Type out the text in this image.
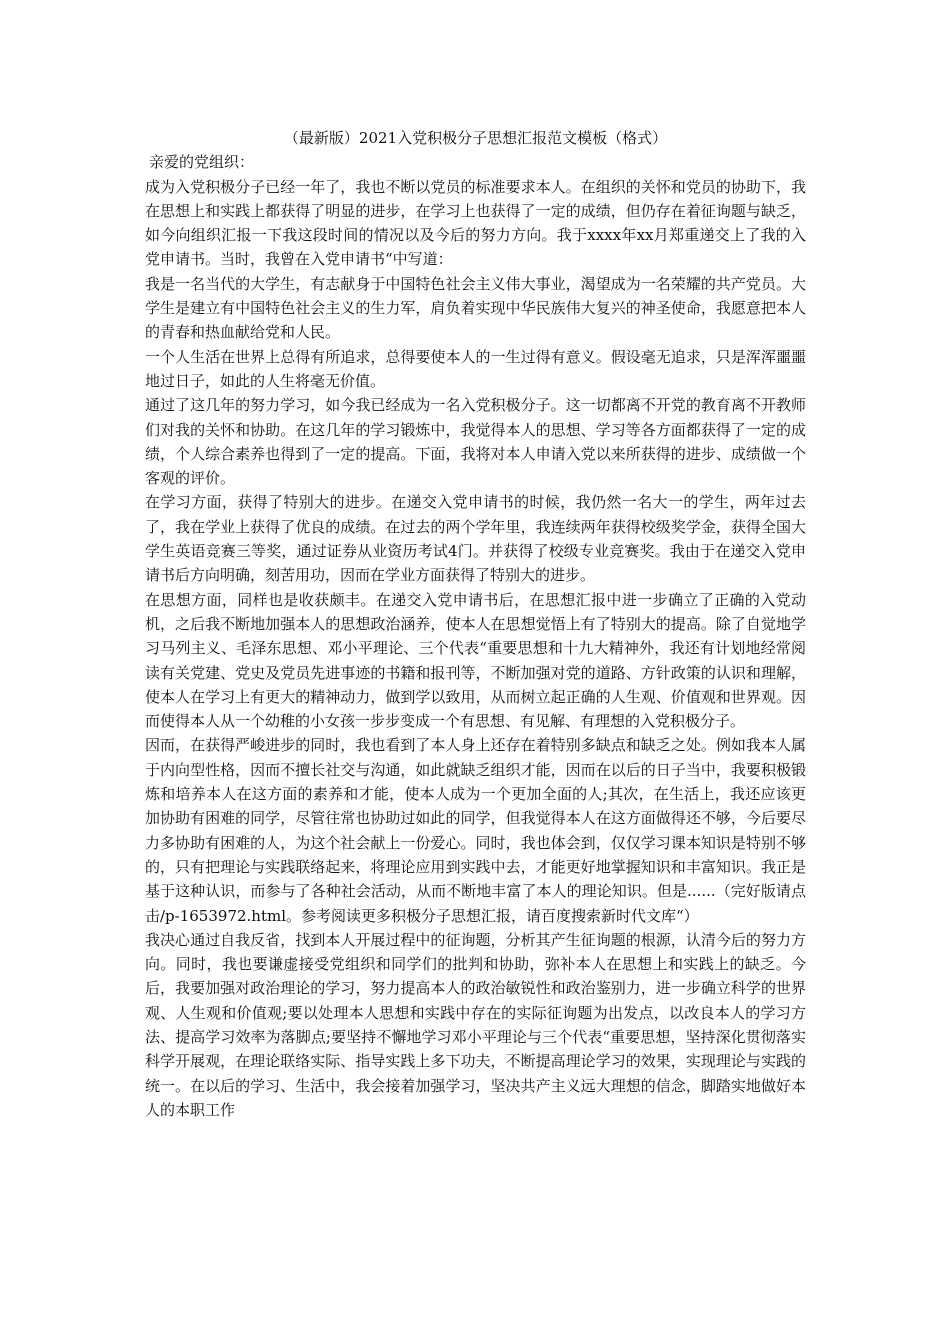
（最新版）2021入党积极分子思想汇报范文模板（格式）

亲爱的党组织：

成为入党积极分子已经一年了，我也不断以党员的标准要求本人。在组织的关怀和党员的协助下，我在思想上和实践上都获得了明显的进步，在学习上也获得了一定的成绩，但仍存在着征询题与缺乏，如今向组织汇报一下我这段时间的情况以及今后的努力方向。我于xxxx年xx月郑重递交上了我的入党申请书。当时，我曾在入党申请书“中写道：

我是一名当代的大学生，有志献身于中国特色社会主义伟大事业，渴望成为一名荣耀的共产党员。大学生是建立有中国特色社会主义的生力军，肩负着实现中华民族伟大复兴的神圣使命，我愿意把本人的青春和热血献给党和人民。

一个人生活在世界上总得有所追求，总得要使本人的一生过得有意义。假设毫无追求，只是浑浑噩噩地过日子，如此的人生将毫无价值。

通过了这几年的努力学习，如今我已经成为一名入党积极分子。这一切都离不开党的教育离不开教师们对我的关怀和协助。在这几年的学习锻炼中，我觉得本人的思想、学习等各方面都获得了一定的成绩，个人综合素养也得到了一定的提高。下面，我将对本人申请入党以来所获得的进步、成绩做一个客观的评价。

在学习方面，获得了特别大的进步。在递交入党申请书的时候，我仍然一名大一的学生，两年过去了，我在学业上获得了优良的成绩。在过去的两个学年里，我连续两年获得校级奖学金，获得全国大学生英语竞赛三等奖，通过证券从业资历考试4门。并获得了校级专业竞赛奖。我由于在递交入党申请书后方向明确，刻苦用功，因而在学业方面获得了特别大的进步。

在思想方面，同样也是收获颇丰。在递交入党申请书后，在思想汇报中进一步确立了正确的入党动机，之后我不断地加强本人的思想政治涵养，使本人在思想觉悟上有了特别大的提高。除了自觉地学习马列主义、毛泽东思想、邓小平理论、三个代表“重要思想和十九大精神外，我还有计划地经常阅读有关党建、党史及党员先进事迹的书籍和报刊等，不断加强对党的道路、方针政策的认识和理解，使本人在学习上有更大的精神动力，做到学以致用，从而树立起正确的人生观、价值观和世界观。因而使得本人从一个幼稚的小女孩一步步变成一个有思想、有见解、有理想的入党积极分子。

因而，在获得严峻进步的同时，我也看到了本人身上还存在着特别多缺点和缺乏之处。例如我本人属于内向型性格，因而不擅长社交与沟通，如此就缺乏组织才能，因而在以后的日子当中，我要积极锻炼和培养本人在这方面的素养和才能，使本人成为一个更加全面的人;其次，在生活上，我还应该更加协助有困难的同学，尽管往常也协助过如此的同学，但我觉得本人在这方面做得还不够，今后要尽力多协助有困难的人，为这个社会献上一份爱心。同时，我也体会到，仅仅学习课本知识是特别不够的，只有把理论与实践联络起来，将理论应用到实践中去，才能更好地掌握知识和丰富知识。我正是基于这种认识，而参与了各种社会活动，从而不断地丰富了本人的理论知识。但是......（完好版请点击/p-1653972.html。参考阅读更多积极分子思想汇报，请百度搜索新时代文库“）

我决心通过自我反省，找到本人开展过程中的征询题，分析其产生征询题的根源，认清今后的努力方向。同时，我也要谦虚接受党组织和同学们的批判和协助，弥补本人在思想上和实践上的缺乏。今后，我要加强对政治理论的学习，努力提高本人的政治敏锐性和政治鉴别力，进一步确立科学的世界观、人生观和价值观;要以处理本人思想和实践中存在的实际征询题为出发点，以改良本人的学习方法、提高学习效率为落脚点;要坚持不懈地学习邓小平理论与三个代表“重要思想，坚持深化贯彻落实科学开展观，在理论联络实际、指导实践上多下功夫，不断提高理论学习的效果，实现理论与实践的统一。在以后的学习、生活中，我会接着加强学习，坚决共产主义远大理想的信念，脚踏实地做好本人的本职工作
